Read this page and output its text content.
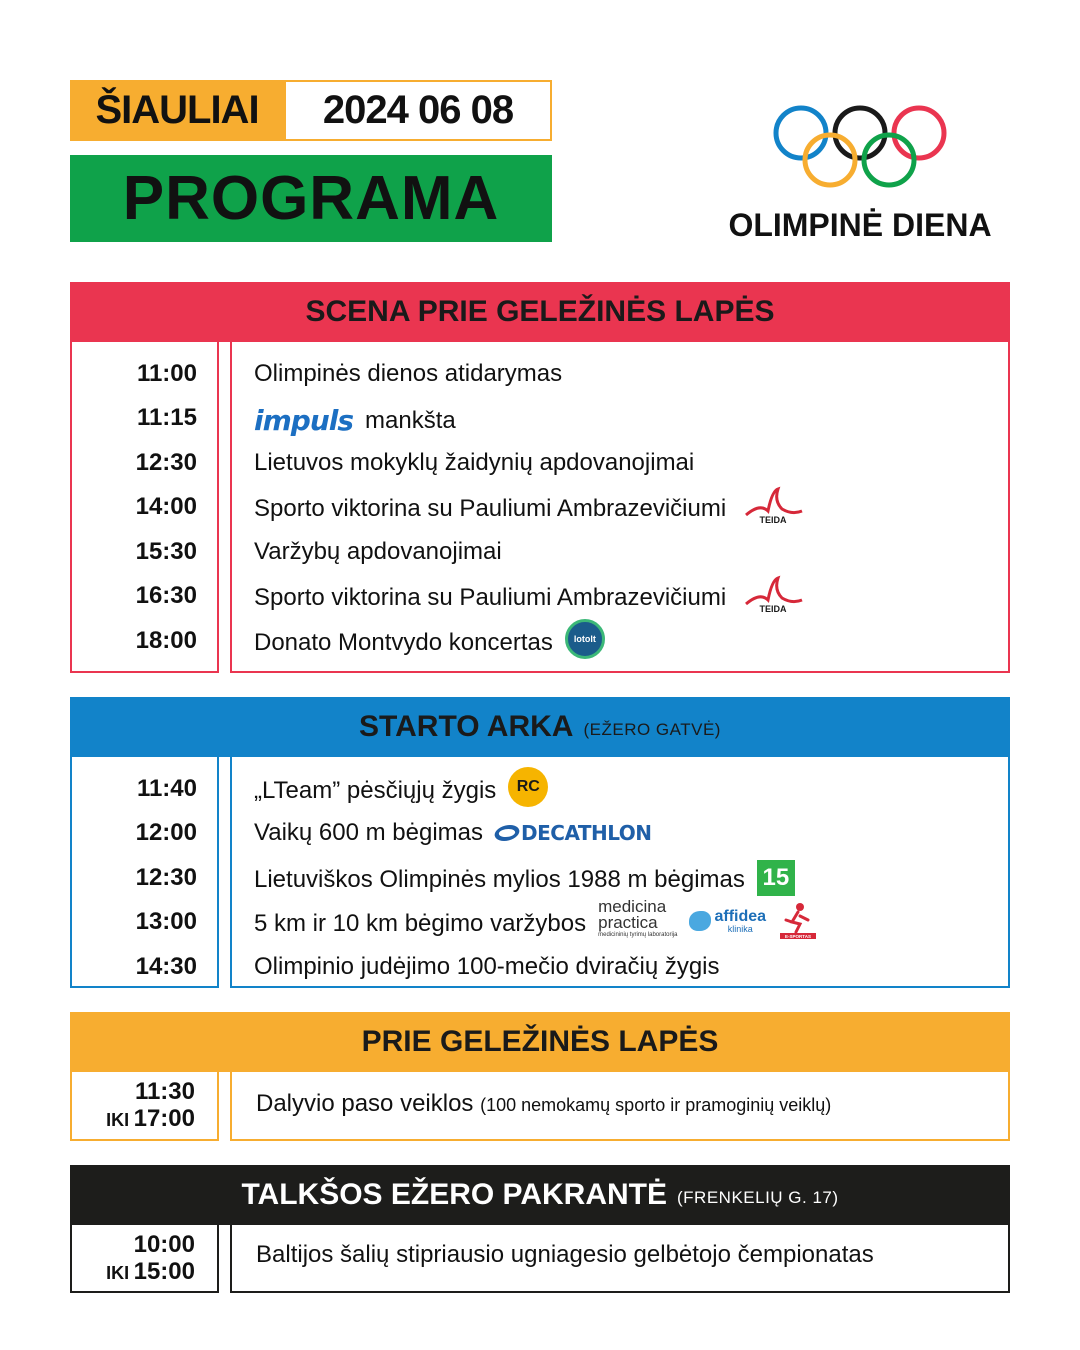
ŠIAULIAI	2024 06 08
PROGRAMA	OLIMPINĖ DIENA
SCENA PRIE GELEŽINĖS LAPĖS
11:00 Olimpinės dienos atidarymas
11:15 impuls mankšta
12:30 Lietuvos mokyklų žaidynių apdovanojimai
14:00 Sporto viktorina su Pauliumi Ambrazevičiumi	TEIDA
15:30 Varžybų apdovanojimai
16:30 Sporto viktorina su Pauliumi Ambrazevičiumi	TEIDA
18:00 Donato Montvydo koncertas	lotolt
STARTO ARKA (EŽERO GATVĖ)
11:40 „LTeam” pėsčiųjų žygis	RC
12:00 Vaikų 600 m bėgimas DECATHLON
12:30 Lietuviškos Olimpinės mylios 1988 m bėgimas 15
13:00 5 km ir 10 km bėgimo varžybos
medicina
practica
medicininių tyrimų laboratorija
affidea
klinika
E-SPORTAS
14:30 Olimpinio judėjimo 100-mečio dviračių žygis
PRIE GELEŽINĖS LAPĖS
11:30
IKI 17:00
Dalyvio paso veiklos (100 nemokamų sporto ir pramoginių veiklų)
TALKŠOS EŽERO PAKRANTĖ (FRENKELIŲ G. 17)
10:00
IKI 15:00
Baltijos šalių stipriausio ugniagesio gelbėtojo čempionatas
